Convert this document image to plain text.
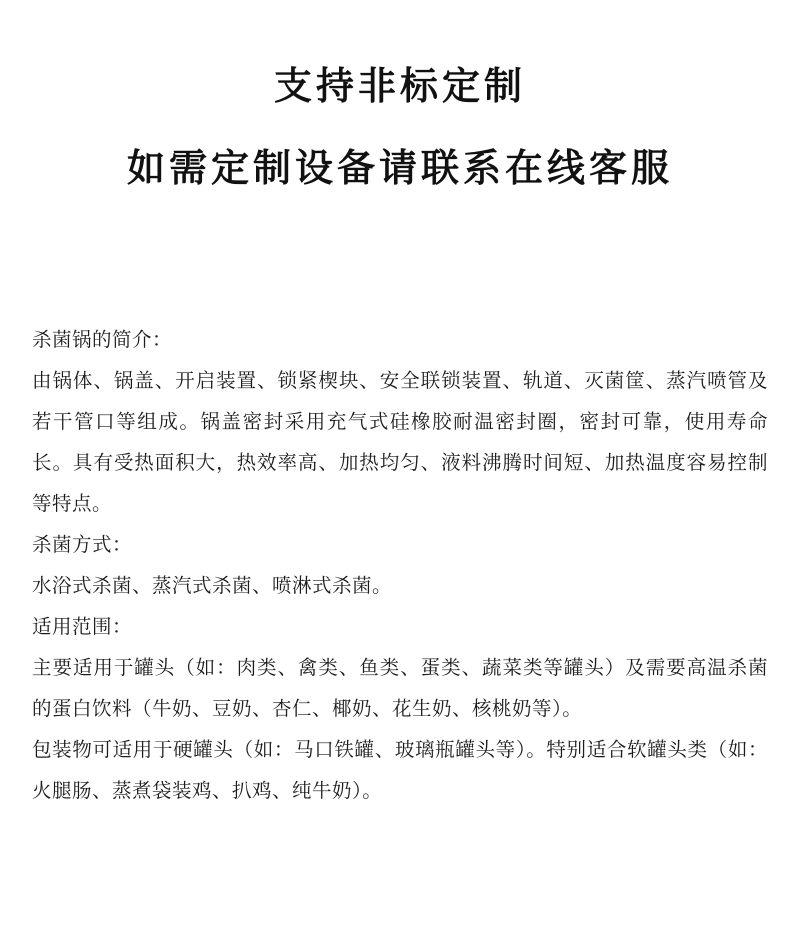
支持非标定制
如需定制设备请联系在线客服

杀菌锅的简介：

由锅体、锅盖、开启装置、锁紧楔块、安全联锁装置、轨道、灭菌筐、蒸汽喷管及若干管口等组成。锅盖密封采用充气式硅橡胶耐温密封圈，密封可靠，使用寿命长。具有受热面积大，热效率高、加热均匀、液料沸腾时间短、加热温度容易控制等特点。

杀菌方式：

水浴式杀菌、蒸汽式杀菌、喷淋式杀菌。

适用范围：

主要适用于罐头（如：肉类、禽类、鱼类、蛋类、蔬菜类等罐头）及需要高温杀菌的蛋白饮料（牛奶、豆奶、杏仁、椰奶、花生奶、核桃奶等）。

包装物可适用于硬罐头（如：马口铁罐、玻璃瓶罐头等）。特别适合软罐头类（如：火腿肠、蒸煮袋装鸡、扒鸡、纯牛奶）。
